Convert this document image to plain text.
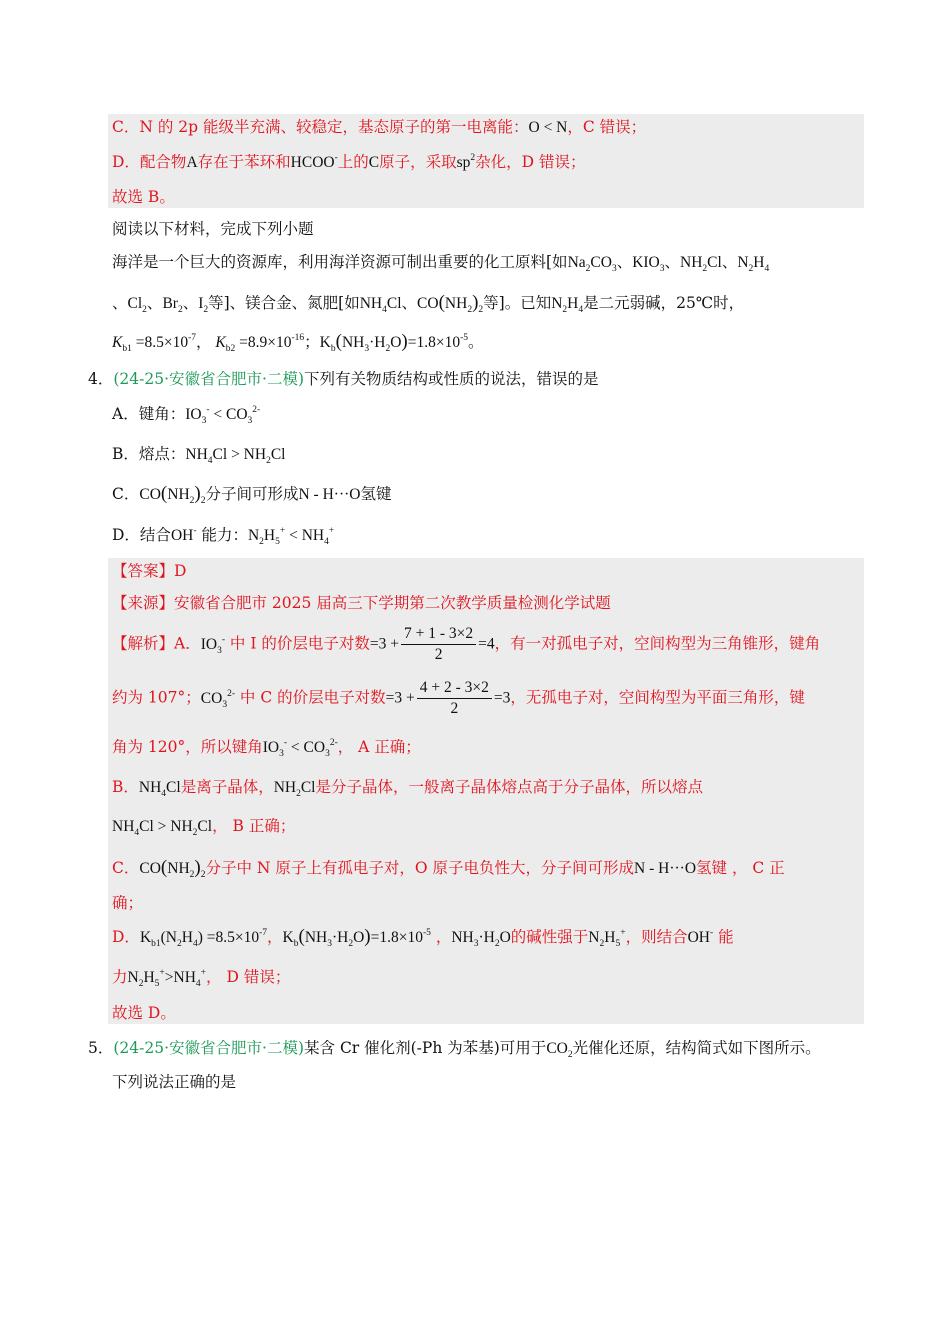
C．N 的 2p 能级半充满、较稳定，基态原子的第一电离能：O < N，C 错误；
D．配合物A存在于苯环和HCOO-上的C原子，采取$sp^2$杂化，D 错误；
故选 B。
阅读以下材料，完成下列小题
海洋是一个巨大的资源库，利用海洋资源可制出重要的化工原料[如$Na_2CO_3$、$KIO_3$、$NH_2Cl$、$N_2H_4$
、$Cl_2$、$Br_2$、$I_2$等]、镁合金、氮肥[如$NH_4Cl$、$CO(NH_2)_2$等]。已知$N_2H_4$是二元弱碱，25℃时，
$K_{b1} =8.5\times 10^{-7}$， $K_{b2} =8.9\times 10^{-16}$；$K_b(NH_3\cdot H_2O)=1.8\times 10^{-5}$。
4．(24-25·安徽省合肥市·二模)下列有关物质结构或性质的说法，错误的是
A．键角：$IO_3^- < CO_3^{2-}$
B．熔点：$NH_4Cl > NH_2Cl$
C．$CO(NH_2)_2$分子间可形成N - H···O氢键
D．结合OH- 能力：$N_2H_5^+ < NH_4^+$
【答案】D
【来源】安徽省合肥市 2025 届高三下学期第二次教学质量检测化学试题
【解析】A．$IO_3^-$ 中 I 的价层电子对数$=3 + \frac{7 + 1 - 3\times 2}{2} =4$，有一对孤电子对，空间构型为三角锥形，键角
约为 107°；$CO_3^{2-}$ 中 C 的价层电子对数$=3 + \frac{4 + 2 - 3\times 2}{2} =3$，无孤电子对，空间构型为平面三角形，键
角为 120°，所以键角$IO_3^- < CO_3^{2-}$， A 正确；
B．$NH_4Cl$是离子晶体，$NH_2Cl$是分子晶体，一般离子晶体熔点高于分子晶体，所以熔点
$NH_4Cl > NH_2Cl$， B 正确；
C．$CO(NH_2)_2$分子中 N 原子上有孤电子对，O 原子电负性大，分子间可形成N - H···O氢键 ， C 正
确；
D．$K_{b1}(N_2H_4) =8.5\times 10^{-7}$，$K_b(NH_3\cdot H_2O)=1.8\times 10^{-5}$ ，$NH_3\cdot H_2O$的碱性强于$N_2H_5^+$，则结合OH- 能
力$N_2H_5^+>NH_4^+$， D 错误；
故选 D。
5．(24-25·安徽省合肥市·二模)某含 Cr 催化剂(-Ph 为苯基)可用于$CO_2$光催化还原，结构简式如下图所示。
下列说法正确的是
